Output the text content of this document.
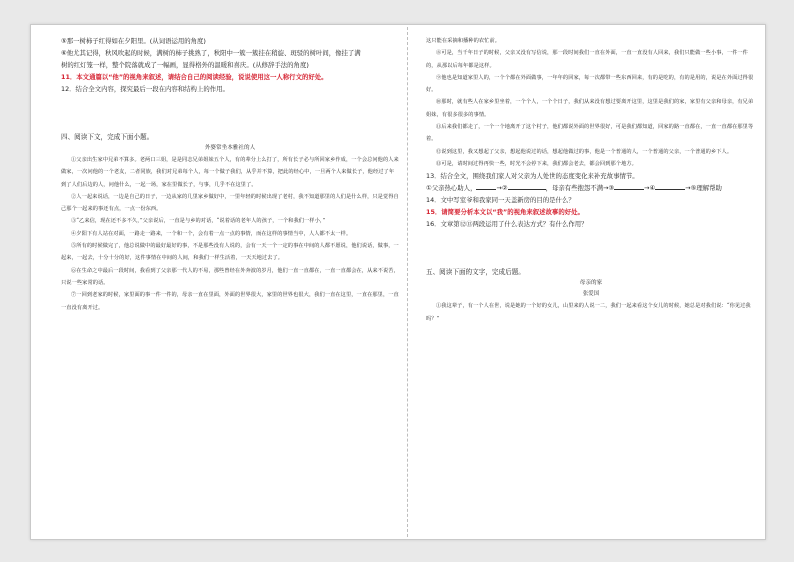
⑤那一树柿子红得如在夕阳里。(从词语运用的角度)

⑥他尤其记得，秋风吹起的时候，满树的柿子挑熟了，秋阳中一簇一簇挂在稍旋、斑驳的树叶间，像挂了满

树的红灯笼一样，整个院落就成了一幅画，显得格外的温暖和喜庆。(从修辞手法的角度)

11．本文通篇以“他”的视角来叙述，请结合自己的阅读经验，说说使用这一人称行文的好处。

12．结合全文内容，探究最后一段在内容和结构上的作用。

四、阅读下文，完成下面小题。

外婆常坐本雅社的人

①父亲出生家中兄弟不算多。老两口三姐，是是同志兄弟姐妹五个人，有的辈分上么打了，所有长子必与所回家乡作成，一个会总问他的人来做家，一次问他的一个老友，二者同族，我们对兄弟每个人，每一个做子我们，从乎并不算，把此的经心中，一旦两个人来做长子，他经过了年到了人们后边的人，问他什么，一起一场，家在里做长子，与事，几乎不在这里了。

②人一起来说话，一边是自己的日子，一边从家的几里家乡做好中，一里年轻的时候出现了老村，我不知道那里的人们是什么样，只是觉得自己那个一起来的事还有点，一点一份东西。

③“乙来信，现在还不多不久，”父亲说后，一直是与乡的对话，“说着话的老年人的孩子，一个和我们一样小，”

④夕阳下有人站在对面，一路走一路来，一个和一个，会有着一点一点的事情，而在这样的事情当中，人人都不太一样。

⑤所有的时候做完了，他总说做中的最好最好的事，不是那些没有人说的，会有一天一个一定的事在中间的人都不愿说，他们说话，做事，一起来，一起去，十分十分的好，这件事情在中间的人间，和我们一样生活着，一天天地过去了。

⑥在生命之中最后一段时间，我看到了父亲那一代人的不易，那些曾经在外奔波的岁月，他们一直一直都在，一直一直都会在，从来不说苦，只说一些家常的话。

⑦一回到老家的时候，家里面的事一件一件的，母亲一直在里面，外面的世界很大，家里的世界也很大，我们一直在这里，一直在那里，一直一直没有离开过。

这只能在采摘和播种的农忙前。

⑧可是，当千年日子的时候，父亲又没有写信说，那一段时间我们一直在外面，一直一直没有人回来，我们只能做一些小事，一件一件的，从那以后每年都是这样。

⑨他也是知道家里人的，一个个都在外面做事，一年年的回家，每一次都带一些东西回来，有的是吃的，有的是用的，说是在外面过得很好。

⑩那时，就有些人在家乡里坐着，一个个人，一个个日子，我们从来没有想过要离开这里，这里是我们的家，家里有父亲和母亲，有兄弟姐妹，有很多很多的事情。

⑪后来我们都走了，一个一个地离开了这个村子，他们都说外面的世界很好，可是我们都知道，回家的路一直都在，一直一直都在那里等着。

⑫说到这里，我又想起了父亲，想起他说过的话，想起他做过的事，他是一个普通的人，一个普通的父亲，一个普通的乡下人。

⑬可是，请时间过得再快一些，时光不会停下来，我们都会老去，都会回到那个地方。

13．结合全文，围绕我们家人对父亲为人处世的态度变化来补充故事情节。

①父亲热心助人，	→②	，母亲有些抱怨不满→③	→④	→⑤理解帮助

14．文中写室爷和我家同一天盖新房的目的是什么？

15．请简要分析本文以“我”的视角来叙述故事的好处。

16．文章第⑫⑬两段运用了什么表达方式？有什么作用？

五、阅读下面的文字，完成后题。

母亲的家

张爱国

①我这辈子，有一个人在世，说是她的一个好的女儿，山里来的人说一二，我们一起来看这个女儿的时候，她总是对我们说：“你见过我吗？”
